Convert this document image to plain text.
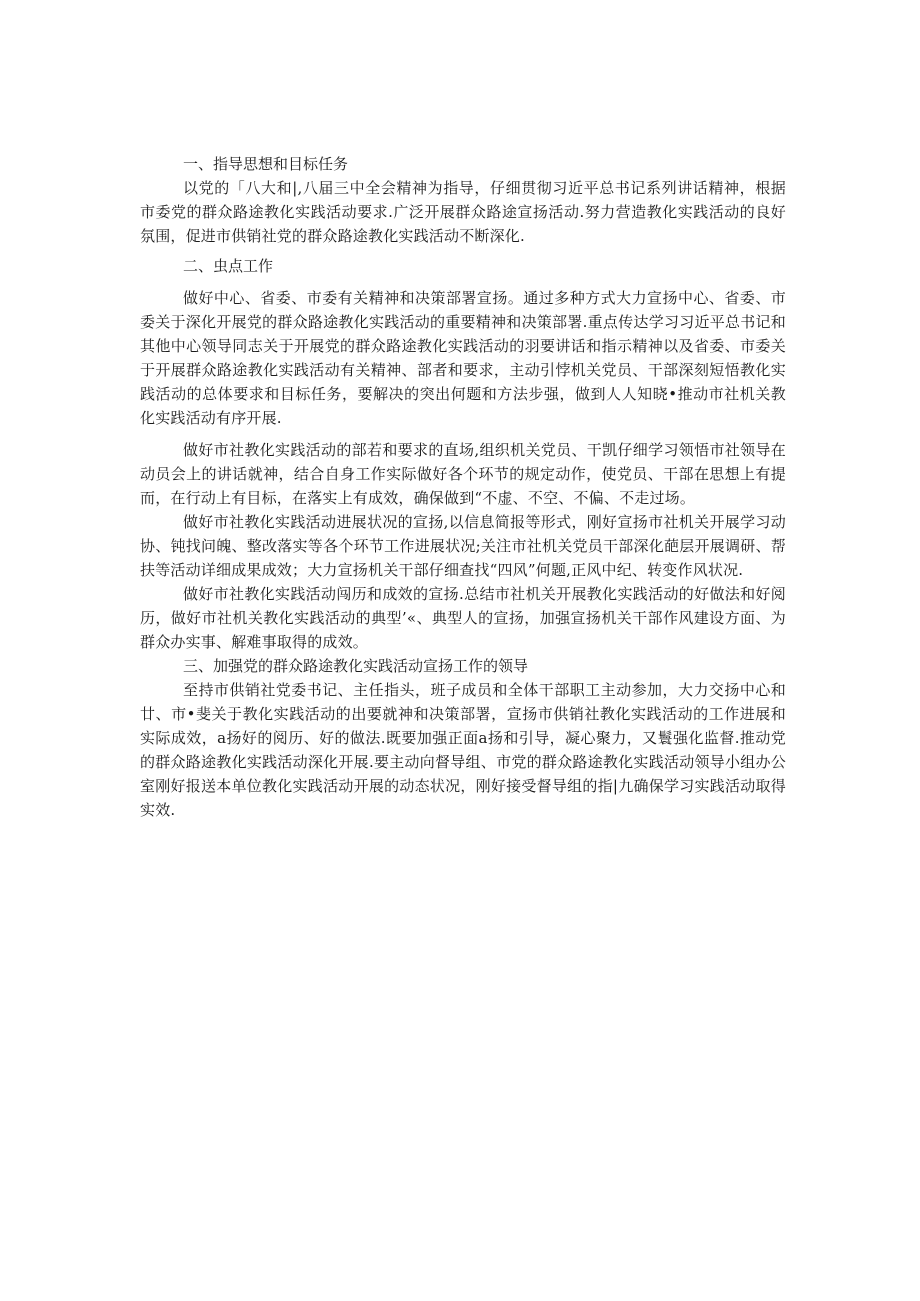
一、指导思想和目标任务

以党的「八大和|,八届三中全会精神为指导，仔细贯彻习近平总书记系列讲话精神，根据市委党的群众路途教化实践活动要求.广泛开展群众路途宣扬活动.努力营造教化实践活动的良好氛围，促进市供销社党的群众路途教化实践活动不断深化.

二、虫点工作

做好中心、省委、市委有关精神和决策部署宣扬。通过多种方式大力宣扬中心、省委、市委关于深化开展党的群众路途教化实践活动的重要精神和决策部署.重点传达学习习近平总书记和其他中心领导同志关于开展党的群众路途教化实践活动的羽要讲话和指示精神以及省委、市委关于开展群众路途教化实践活动有关精神、部者和要求，主动引悖机关党员、干部深刻短悟教化实践活动的总体要求和目标任务，要解决的突出何题和方法步强，做到人人知晓•推动市社机关教化实践活动有序开展.

做好市社教化实践活动的部若和要求的直场,组织机关党员、干凯仔细学习领悟市社领导在动员会上的讲话就神，结合自身工作实际做好各个环节的规定动作，使党员、干部在思想上有提而，在行动上有目标，在落实上有成效，确保做到“不虚、不空、不偏、不走过场。

做好市社教化实践活动进展状况的宣扬,以信息简报等形式，刚好宣扬市社机关开展学习动协、钝找问魄、整改落实等各个环节工作进展状况;关注市社机关党员干部深化葩层开展调研、帮扶等活动详细成果成效；大力宣扬机关干部仔细查找“四风”何题,正风中纪、转变作风状况.

做好市社教化实践活动闯历和成效的宣扬.总结市社机关开展教化实践活动的好做法和好阅历，做好市社机关教化实践活动的典型’«、典型人的宣扬，加强宣扬机关干部作风建设方面、为群众办实事、解难事取得的成效。

三、加强党的群众路途教化实践活动宣扬工作的领导

至持市供销社党委书记、主任指头，班子成员和全体干部职工主动参加，大力交扬中心和廿、市•斐关于教化实践活动的出要就神和决策部署，宣扬市供销社教化实践活动的工作进展和实际成效，a扬好的阅历、好的做法.既要加强正面a扬和引导，凝心聚力，又鬟强化监督.推动党的群众路途教化实践活动深化开展.要主动向督导组、市党的群众路途教化实践活动领导小组办公室刚好报送本单位教化实践活动开展的动态状况，刚好接受督导组的指|九确保学习实践活动取得实效.
